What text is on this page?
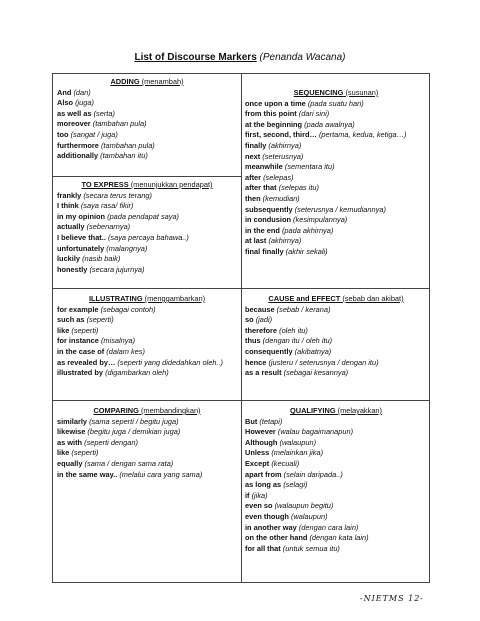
List of Discourse Markers (Penanda Wacana)
ADDING (menambah)
And (dan)
Also (juga)
as well as (serta)
moreover (tambahan pula)
too (sangat / juga)
furthermore (tambahan pula)
additionally (tambahan itu)
TO EXPRESS (menunjukkan pendapat)
frankly (secara terus terang)
I think (saya rasa/ fikir)
in my opinion (pada pendapat saya)
actually (sebenarnya)
I believe that.. (saya percaya bahawa..)
unfortunately (malangnya)
luckily (nasib baik)
honestly (secara jujurnya)
SEQUENCING (susunan)
once upon a time (pada suatu hari)
from this point (dari sini)
at the beginning (pada awalnya)
first, second, third… (pertama, kedua, ketiga…)
finally (akhirnya)
next (seterusnya)
meanwhile (sementara itu)
after (selepas)
after that (selepas itu)
then (kemudian)
subsequently (seterusnya / kemudiannya)
in condusion (kesimpulannya)
in the end (pada akhirnya)
at last (akhirnya)
final finally (akhir sekali)
ILLUSTRATING (menggambarkan)
for example (sebagai contoh)
such as (seperti)
like (seperti)
for instance (misalnya)
in the case of (dalam kes)
as revealed by… (seperti yang didedahkan oleh..)
illustrated by (digambarkan oleh)
CAUSE and EFFECT (sebab dan akibat)
because (sebab / kerana)
so (jadi)
therefore (oleh itu)
thus (dengan itu / oleh itu)
consequently (akibatnya)
hence (justeru / seterusnya / dengan itu)
as a result (sebagai kesannya)
COMPARING (membandingkan)
similarly (sama seperti / begitu juga)
likewise (begitu juga / demikian juga)
as with (seperti dengan)
like (seperti)
equally (sama / dengan sama rata)
in the same way.. (melalui cara yang sama)
QUALIFYING (melayakkan)
But (tetapi)
However (walau bagaimanapun)
Although (walaupun)
Unless (melainkan jika)
Except (kecuali)
apart from (selain daripada..)
as long as (selagi)
if (jika)
even so (walaupun begitu)
even though (walaupun)
in another way (dengan cara lain)
on the other hand (dengan kata lain)
for all that (untuk semua itu)
-NIETMS 12-
